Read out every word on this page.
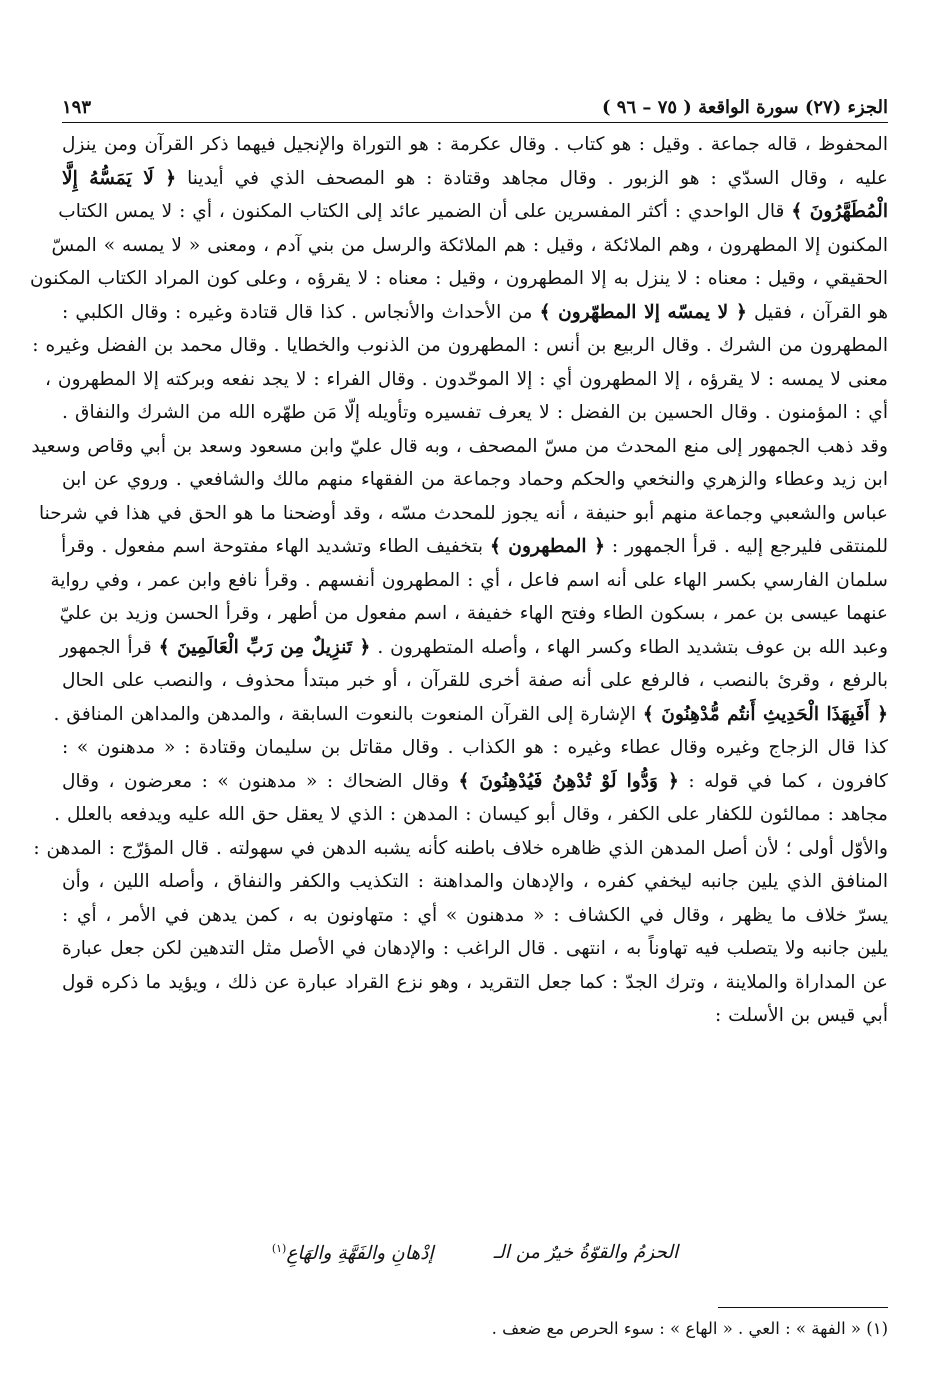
الجزء (٢٧) سورة الواقعة ( ٧٥ – ٩٦ )
١٩٣
المحفوظ ، قاله جماعة . وقيل : هو كتاب . وقال عكرمة : هو التوراة والإنجيل فيهما ذكر القرآن ومن ينزل
عليه ، وقال السدّي : هو الزبور . وقال مجاهد وقتادة : هو المصحف الذي في أيدينا ﴿ لَا يَمَسُّهُ إِلَّا
الْمُطَهَّرُونَ ﴾ قال الواحدي : أكثر المفسرين على أن الضمير عائد إلى الكتاب المكنون ، أي : لا يمس الكتاب
المكنون إلا المطهرون ، وهم الملائكة ، وقيل : هم الملائكة والرسل من بني آدم ، ومعنى « لا يمسه » المسّ
الحقيقي ، وقيل : معناه : لا ينزل به إلا المطهرون ، وقيل : معناه : لا يقرؤه ، وعلى كون المراد الكتاب المكنون
هو القرآن ، فقيل ﴿ لا يمسّه إلا المطهّرون ﴾ من الأحداث والأنجاس . كذا قال قتادة وغيره : وقال الكلبي :
المطهرون من الشرك . وقال الربيع بن أنس : المطهرون من الذنوب والخطايا . وقال محمد بن الفضل وغيره :
معنى لا يمسه : لا يقرؤه ، إلا المطهرون أي : إلا الموحّدون . وقال الفراء : لا يجد نفعه وبركته إلا المطهرون ،
أي : المؤمنون . وقال الحسين بن الفضل : لا يعرف تفسيره وتأويله إلّا مَن طهّره الله من الشرك والنفاق .
وقد ذهب الجمهور إلى منع المحدث من مسّ المصحف ، وبه قال عليّ وابن مسعود وسعد بن أبي وقاص وسعيد
ابن زيد وعطاء والزهري والنخعي والحكم وحماد وجماعة من الفقهاء منهم مالك والشافعي . وروي عن ابن
عباس والشعبي وجماعة منهم أبو حنيفة ، أنه يجوز للمحدث مسّه ، وقد أوضحنا ما هو الحق في هذا في شرحنا
للمنتقى فليرجع إليه . قرأ الجمهور : ﴿ المطهرون ﴾ بتخفيف الطاء وتشديد الهاء مفتوحة اسم مفعول . وقرأ
سلمان الفارسي بكسر الهاء على أنه اسم فاعل ، أي : المطهرون أنفسهم . وقرأ نافع وابن عمر ، وفي رواية
عنهما عيسى بن عمر ، بسكون الطاء وفتح الهاء خفيفة ، اسم مفعول من أطهر ، وقرأ الحسن وزيد بن عليّ
وعبد الله بن عوف بتشديد الطاء وكسر الهاء ، وأصله المتطهرون . ﴿ تَنزِيلٌ مِن رَبِّ الْعَالَمِينَ ﴾ قرأ الجمهور
بالرفع ، وقرئ بالنصب ، فالرفع على أنه صفة أخرى للقرآن ، أو خبر مبتدأ محذوف ، والنصب على الحال
﴿ أَفَبِهَذَا الْحَدِيثِ أَنتُم مُّدْهِنُونَ ﴾ الإشارة إلى القرآن المنعوت بالنعوت السابقة ، والمدهن والمداهن المنافق .
كذا قال الزجاج وغيره وقال عطاء وغيره : هو الكذاب . وقال مقاتل بن سليمان وقتادة : « مدهنون » :
كافرون ، كما في قوله : ﴿ وَدُّوا لَوْ تُدْهِنُ فَيُدْهِنُونَ ﴾ وقال الضحاك : « مدهنون » : معرضون ، وقال
مجاهد : ممالئون للكفار على الكفر ، وقال أبو كيسان : المدهن : الذي لا يعقل حق الله عليه ويدفعه بالعلل .
والأوّل أولى ؛ لأن أصل المدهن الذي ظاهره خلاف باطنه كأنه يشبه الدهن في سهولته . قال المؤرّج : المدهن :
المنافق الذي يلين جانبه ليخفي كفره ، والإدهان والمداهنة : التكذيب والكفر والنفاق ، وأصله اللين ، وأن
يسرّ خلاف ما يظهر ، وقال في الكشاف : « مدهنون » أي : متهاونون به ، كمن يدهن في الأمر ، أي :
يلين جانبه ولا يتصلب فيه تهاوناً به ، انتهى . قال الراغب : والإدهان في الأصل مثل التدهين لكن جعل عبارة
عن المداراة والملاينة ، وترك الجدّ : كما جعل التقريد ، وهو نزع القراد عبارة عن ذلك ، ويؤيد ما ذكره قول
أبي قيس بن الأسلت :
الحزمُ والقوّةُ خيرٌ من الـ
إدْهانِ والفَهَّةِ والهَاعِ$^{(١)}$
(١) « الفهة » : العي . « الهاع » : سوء الحرص مع ضعف .
